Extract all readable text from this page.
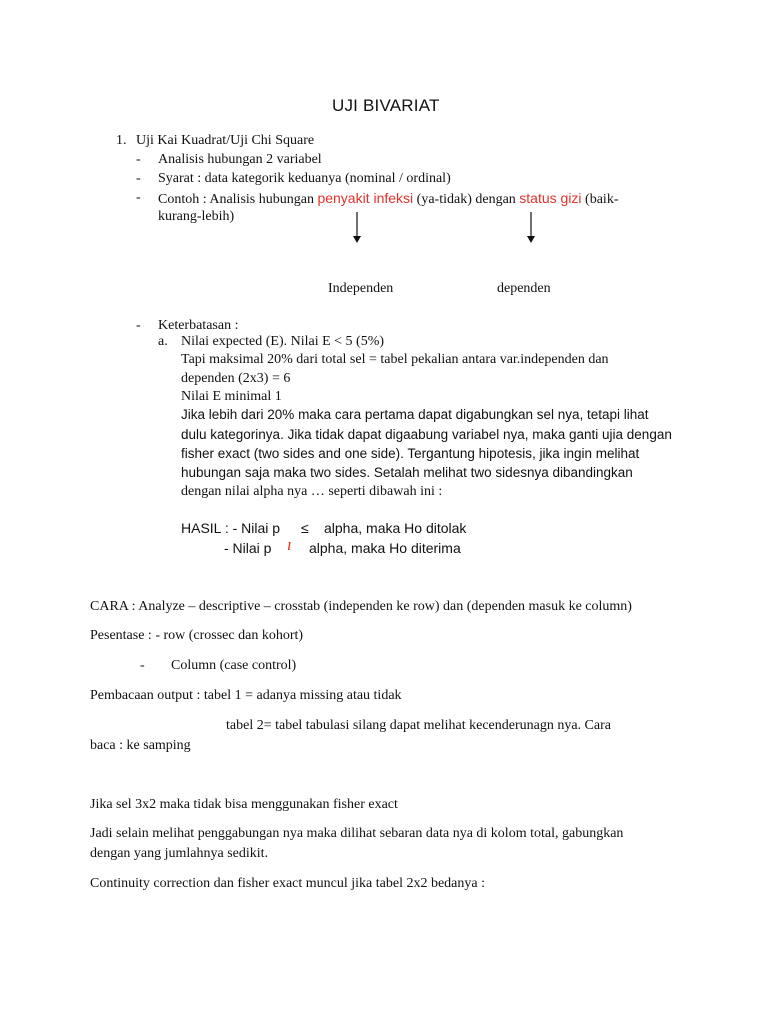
UJI BIVARIAT
1. Uji Kai Kuadrat/Uji Chi Square
- Analisis hubungan 2 variabel
- Syarat : data kategorik keduanya (nominal / ordinal)
- Contoh : Analisis hubungan penyakit infeksi (ya-tidak) dengan status gizi (baik-
kurang-lebih)
Independen	dependen
- Keterbatasan :
a. Nilai expected (E). Nilai E < 5 (5%)
Tapi maksimal 20% dari total sel = tabel pekalian antara var.independen dan
dependen (2x3) = 6
Nilai E minimal 1
Jika lebih dari 20% maka cara pertama dapat digabungkan sel nya, tetapi lihat
dulu kategorinya. Jika tidak dapat digaabung variabel nya, maka ganti ujia dengan
fisher exact (two sides and one side). Tergantung hipotesis, jika ingin melihat
hubungan saja maka two sides. Setalah melihat two sidesnya dibandingkan
dengan nilai alpha nya … seperti dibawah ini :
HASIL : - Nilai p ≤ alpha, maka Ho ditolak
- Nilai p ı alpha, maka Ho diterima
CARA : Analyze – descriptive – crosstab (independen ke row) dan (dependen masuk ke column)
Pesentase : - row (crossec dan kohort)
- Column (case control)
Pembacaan output : tabel 1 = adanya missing atau tidak
tabel 2= tabel tabulasi silang dapat melihat kecenderunagn nya. Cara
baca : ke samping
Jika sel 3x2 maka tidak bisa menggunakan fisher exact
Jadi selain melihat penggabungan nya maka dilihat sebaran data nya di kolom total, gabungkan
dengan yang jumlahnya sedikit.
Continuity correction dan fisher exact muncul jika tabel 2x2 bedanya :
